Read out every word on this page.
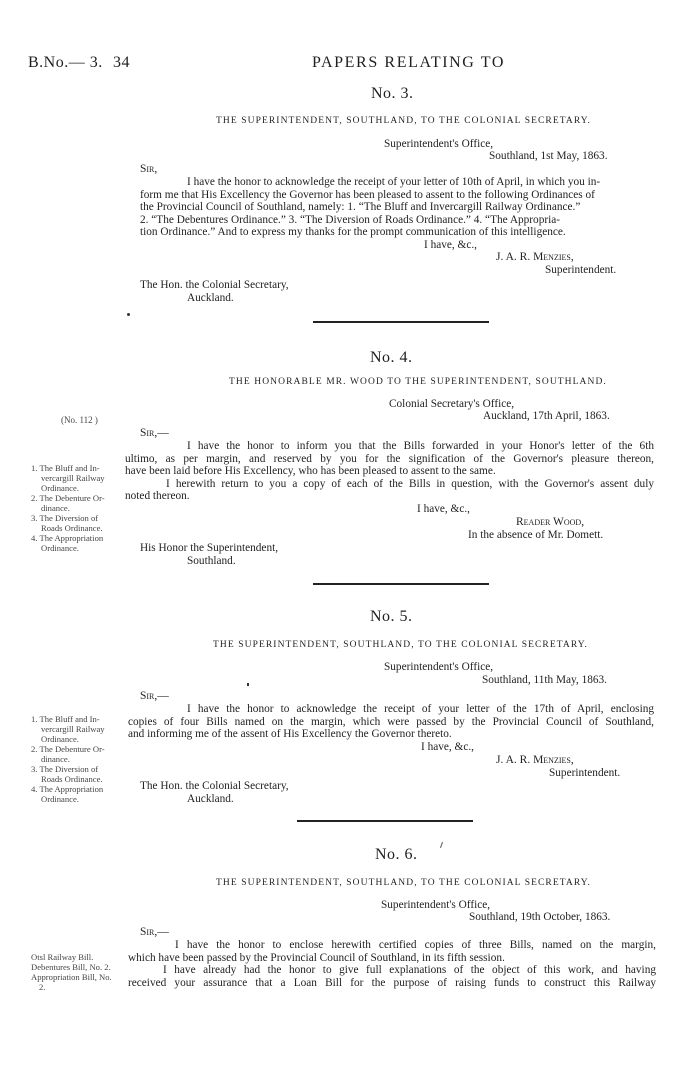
B.No.— 3. 34	PAPERS RELATING TO
No. 3.
THE SUPERINTENDENT, SOUTHLAND, TO THE COLONIAL SECRETARY.
Superintendent's Office,
Southland, 1st May, 1863.
Sir,
I have the honor to acknowledge the receipt of your letter of 10th of April, in which you in-
form me that His Excellency the Governor has been pleased to assent to the following Ordinances of
the Provincial Council of Southland, namely: 1. “The Bluff and Invercargill Railway Ordinance.”
2. “The Debentures Ordinance.” 3. “The Diversion of Roads Ordinance.” 4. “The Appropria-
tion Ordinance.” And to express my thanks for the prompt communication of this intelligence.
I have, &c.,
J. A. R. Menzies,
Superintendent.
The Hon. the Colonial Secretary,
Auckland.
No. 4.
THE HONORABLE MR. WOOD TO THE SUPERINTENDENT, SOUTHLAND.
Colonial Secretary's Office,
Auckland, 17th April, 1863.
(No. 112 )
Sir,—
I have the honor to inform you that the Bills forwarded in your Honor's letter of the 6th
ultimo, as per margin, and reserved by you for the signification of the Governor's pleasure thereon,
have been laid before His Excellency, who has been pleased to assent to the same.
I herewith return to you a copy of each of the Bills in question, with the Governor's assent duly
noted thereon.
1. The Bluff and In-
vercargill Railway
Ordinance.
2. The Debenture Or-
dinance.
3. The Diversion of
Roads Ordinance.
4. The Appropriation
Ordinance.
I have, &c.,
Reader Wood,
In the absence of Mr. Domett.
His Honor the Superintendent,
Southland.
No. 5.
THE SUPERINTENDENT, SOUTHLAND, TO THE COLONIAL SECRETARY.
Superintendent's Office,
Southland, 11th May, 1863.
Sir,—
I have the honor to acknowledge the receipt of your letter of the 17th of April, enclosing
copies of four Bills named on the margin, which were passed by the Provincial Council of Southland,
and informing me of the assent of His Excellency the Governor thereto.
1. The Bluff and In-
vercargill Railway
Ordinance.
2. The Debenture Or-
dinance.
3. The Diversion of
Roads Ordinance.
4. The Appropriation
Ordinance.
I have, &c.,
J. A. R. Menzies,
Superintendent.
The Hon. the Colonial Secretary,
Auckland.
No. 6.
THE SUPERINTENDENT, SOUTHLAND, TO THE COLONIAL SECRETARY.
Superintendent's Office,
Southland, 19th October, 1863.
Sir,—
I have the honor to enclose herewith certified copies of three Bills, named on the margin,
which have been passed by the Provincial Council of Southland, in its fifth session.
I have already had the honor to give full explanations of the object of this work, and having
received your assurance that a Loan Bill for the purpose of raising funds to construct this Railway
Otsl Railway Bill.
Debentures Bill, No. 2.
Appropriation Bill, No.
2.
